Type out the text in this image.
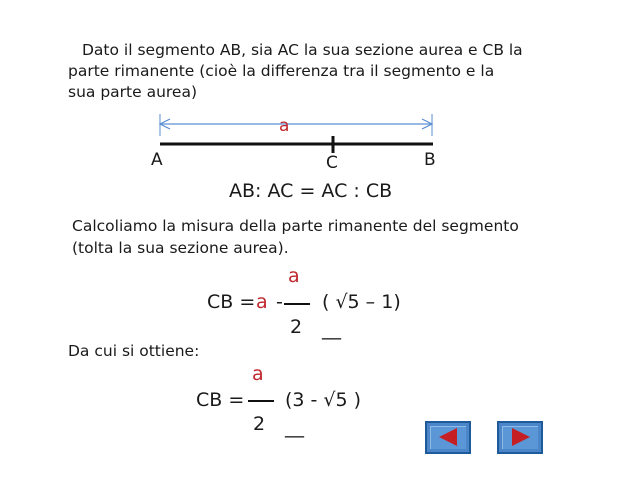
Dato il segmento AB, sia AC la sua sezione aurea e CB la
parte rimanente (cioè la differenza tra il segmento e la
sua parte aurea)
a
A	C	B
AB: AC = AC : CB
Calcoliamo la misura della parte rimanente del segmento
(tolta la sua sezione aurea).
CB = a -
a
2
( √5 – 1)
__
Da cui si ottiene:
CB =
a
2
(3 - √5 )
__
